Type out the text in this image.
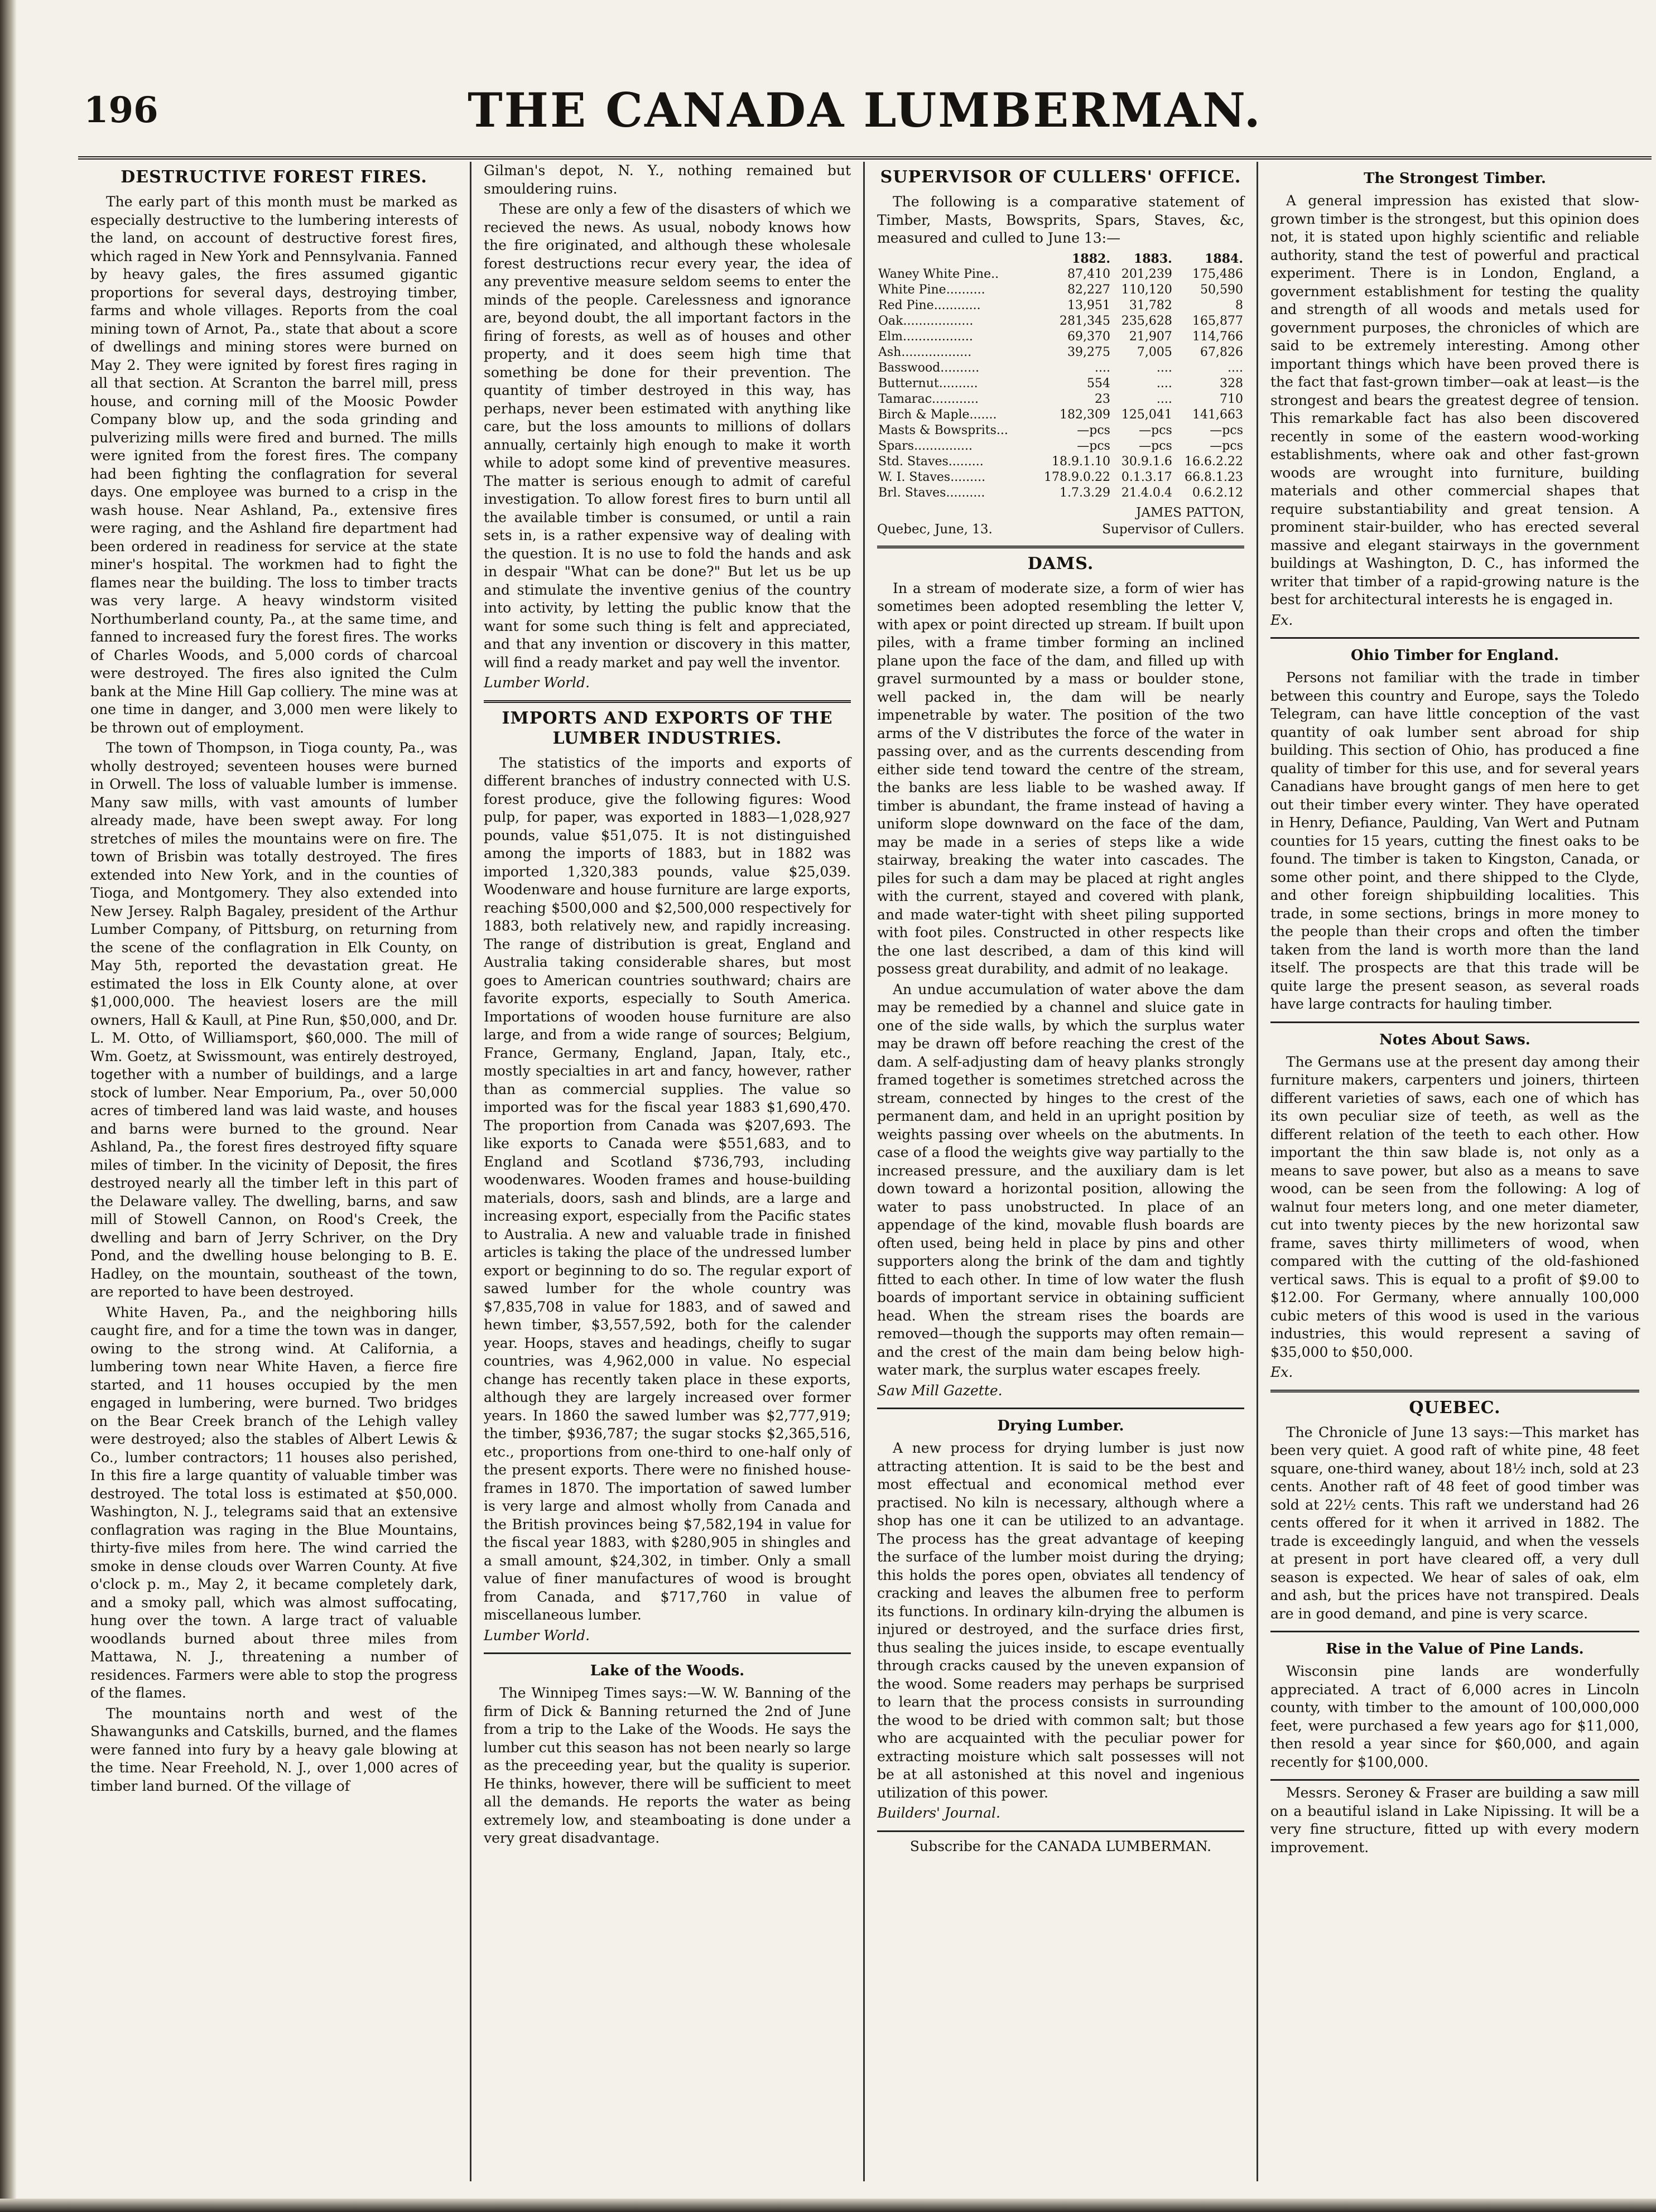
196	THE CANADA LUMBERMAN.
DESTRUCTIVE FOREST FIRES.

The early part of this month must be marked as especially destructive to the lumbering interests of the land, on account of destructive forest fires, which raged in New York and Pennsylvania. Fanned by heavy gales, the fires assumed gigantic proportions for several days, destroying timber, farms and whole villages. Reports from the coal mining town of Arnot, Pa., state that about a score of dwellings and mining stores were burned on May 2. They were ignited by forest fires raging in all that section. At Scranton the barrel mill, press house, and corning mill of the Moosic Powder Company blow up, and the soda grinding and pulverizing mills were fired and burned. The mills were ignited from the forest fires. The company had been fighting the conflagration for several days. One employee was burned to a crisp in the wash house. Near Ashland, Pa., extensive fires were raging, and the Ashland fire department had been ordered in readiness for service at the state miner's hospital. The workmen had to fight the flames near the building. The loss to timber tracts was very large. A heavy windstorm visited Northumberland county, Pa., at the same time, and fanned to increased fury the forest fires. The works of Charles Woods, and 5,000 cords of charcoal were destroyed. The fires also ignited the Culm bank at the Mine Hill Gap colliery. The mine was at one time in danger, and 3,000 men were likely to be thrown out of employment.

The town of Thompson, in Tioga county, Pa., was wholly destroyed; seventeen houses were burned in Orwell. The loss of valuable lumber is immense. Many saw mills, with vast amounts of lumber already made, have been swept away. For long stretches of miles the mountains were on fire. The town of Brisbin was totally destroyed. The fires extended into New York, and in the counties of Tioga, and Montgomery. They also extended into New Jersey. Ralph Bagaley, president of the Arthur Lumber Company, of Pittsburg, on returning from the scene of the conflagration in Elk County, on May 5th, reported the devastation great. He estimated the loss in Elk County alone, at over $1,000,000. The heaviest losers are the mill owners, Hall & Kaull, at Pine Run, $50,000, and Dr. L. M. Otto, of Williamsport, $60,000. The mill of Wm. Goetz, at Swissmount, was entirely destroyed, together with a number of buildings, and a large stock of lumber. Near Emporium, Pa., over 50,000 acres of timbered land was laid waste, and houses and barns were burned to the ground. Near Ashland, Pa., the forest fires destroyed fifty square miles of timber. In the vicinity of Deposit, the fires destroyed nearly all the timber left in this part of the Delaware valley. The dwelling, barns, and saw mill of Stowell Cannon, on Rood's Creek, the dwelling and barn of Jerry Schriver, on the Dry Pond, and the dwelling house belonging to B. E. Hadley, on the mountain, southeast of the town, are reported to have been destroyed.

White Haven, Pa., and the neighboring hills caught fire, and for a time the town was in danger, owing to the strong wind. At California, a lumbering town near White Haven, a fierce fire started, and 11 houses occupied by the men engaged in lumbering, were burned. Two bridges on the Bear Creek branch of the Lehigh valley were destroyed; also the stables of Albert Lewis & Co., lumber contractors; 11 houses also perished, In this fire a large quantity of valuable timber was destroyed. The total loss is estimated at $50,000. Washington, N. J., telegrams said that an extensive conflagration was raging in the Blue Mountains, thirty-five miles from here. The wind carried the smoke in dense clouds over Warren County. At five o'clock p. m., May 2, it became completely dark, and a smoky pall, which was almost suffocating, hung over the town. A large tract of valuable woodlands burned about three miles from Mattawa, N. J., threatening a number of residences. Farmers were able to stop the progress of the flames.

The mountains north and west of the Shawangunks and Catskills, burned, and the flames were fanned into fury by a heavy gale blowing at the time. Near Freehold, N. J., over 1,000 acres of timber land burned. Of the village of

Gilman's depot, N. Y., nothing remained but smouldering ruins.

These are only a few of the disasters of which we recieved the news. As usual, nobody knows how the fire originated, and although these wholesale forest destructions recur every year, the idea of any preventive measure seldom seems to enter the minds of the people. Carelessness and ignorance are, beyond doubt, the all important factors in the firing of forests, as well as of houses and other property, and it does seem high time that something be done for their prevention. The quantity of timber destroyed in this way, has perhaps, never been estimated with anything like care, but the loss amounts to millions of dollars annually, certainly high enough to make it worth while to adopt some kind of preventive measures. The matter is serious enough to admit of careful investigation. To allow forest fires to burn until all the available timber is consumed, or until a rain sets in, is a rather expensive way of dealing with the question. It is no use to fold the hands and ask in despair "What can be done?" But let us be up and stimulate the inventive genius of the country into activity, by letting the public know that the want for some such thing is felt and appreciated, and that any invention or discovery in this matter, will find a ready market and pay well the inventor.

Lumber World.

IMPORTS AND EXPORTS OF THE LUMBER INDUSTRIES.

The statistics of the imports and exports of different branches of industry connected with U.S. forest produce, give the following figures: Wood pulp, for paper, was exported in 1883—1,028,927 pounds, value $51,075. It is not distinguished among the imports of 1883, but in 1882 was imported 1,320,383 pounds, value $25,039. Woodenware and house furniture are large exports, reaching $500,000 and $2,500,000 respectively for 1883, both relatively new, and rapidly increasing. The range of distribution is great, England and Australia taking considerable shares, but most goes to American countries southward; chairs are favorite exports, especially to South America. Importations of wooden house furniture are also large, and from a wide range of sources; Belgium, France, Germany, England, Japan, Italy, etc., mostly specialties in art and fancy, however, rather than as commercial supplies. The value so imported was for the fiscal year 1883 $1,690,470. The proportion from Canada was $207,693. The like exports to Canada were $551,683, and to England and Scotland $736,793, including woodenwares. Wooden frames and house-building materials, doors, sash and blinds, are a large and increasing export, especially from the Pacific states to Australia. A new and valuable trade in finished articles is taking the place of the undressed lumber export or beginning to do so. The regular export of sawed lumber for the whole country was $7,835,708 in value for 1883, and of sawed and hewn timber, $3,557,592, both for the calender year. Hoops, staves and headings, cheifly to sugar countries, was 4,962,000 in value. No especial change has recently taken place in these exports, although they are largely increased over former years. In 1860 the sawed lumber was $2,777,919; the timber, $936,787; the sugar stocks $2,365,516, etc., proportions from one-third to one-half only of the present exports. There were no finished house-frames in 1870. The importation of sawed lumber is very large and almost wholly from Canada and the British provinces being $7,582,194 in value for the fiscal year 1883, with $280,905 in shingles and a small amount, $24,302, in timber. Only a small value of finer manufactures of wood is brought from Canada, and $717,760 in value of miscellaneous lumber.

Lumber World.

Lake of the Woods.

The Winnipeg Times says:—W. W. Banning of the firm of Dick & Banning returned the 2nd of June from a trip to the Lake of the Woods. He says the lumber cut this season has not been nearly so large as the preceeding year, but the quality is superior. He thinks, however, there will be sufficient to meet all the demands. He reports the water as being extremely low, and steamboating is done under a very great disadvantage.

SUPERVISOR OF CULLERS' OFFICE.

The following is a comparative statement of Timber, Masts, Bowsprits, Spars, Staves, &c, measured and culled to June 13:—

	1882.	1883.	1884.
Waney White Pine..	87,410	201,239	175,486
White Pine..........	82,227	110,120	50,590
Red Pine............	13,951	31,782	8
Oak..................	281,345	235,628	165,877
Elm..................	69,370	21,907	114,766
Ash..................	39,275	7,005	67,826
Basswood..........	....	....	....
Butternut..........	554	....	328
Tamarac............	23	....	710
Birch & Maple.......	182,309	125,041	141,663
Masts & Bowsprits...	—pcs	—pcs	—pcs
Spars...............	—pcs	—pcs	—pcs
Std. Staves.........	18.9.1.10	30.9.1.6	16.6.2.22
W. I. Staves.........	178.9.0.22	0.1.3.17	66.8.1.23
Brl. Staves..........	1.7.3.29	21.4.0.4	0.6.2.12
JAMES PATTON,
Quebec, June, 13.	Supervisor of Cullers.
DAMS.

In a stream of moderate size, a form of wier has sometimes been adopted resembling the letter V, with apex or point directed up stream. If built upon piles, with a frame timber forming an inclined plane upon the face of the dam, and filled up with gravel surmounted by a mass or boulder stone, well packed in, the dam will be nearly impenetrable by water. The position of the two arms of the V distributes the force of the water in passing over, and as the currents descending from either side tend toward the centre of the stream, the banks are less liable to be washed away. If timber is abundant, the frame instead of having a uniform slope downward on the face of the dam, may be made in a series of steps like a wide stairway, breaking the water into cascades. The piles for such a dam may be placed at right angles with the current, stayed and covered with plank, and made water-tight with sheet piling supported with foot piles. Constructed in other respects like the one last described, a dam of this kind will possess great durability, and admit of no leakage.

An undue accumulation of water above the dam may be remedied by a channel and sluice gate in one of the side walls, by which the surplus water may be drawn off before reaching the crest of the dam. A self-adjusting dam of heavy planks strongly framed together is sometimes stretched across the stream, connected by hinges to the crest of the permanent dam, and held in an upright position by weights passing over wheels on the abutments. In case of a flood the weights give way partially to the increased pressure, and the auxiliary dam is let down toward a horizontal position, allowing the water to pass unobstructed. In place of an appendage of the kind, movable flush boards are often used, being held in place by pins and other supporters along the brink of the dam and tightly fitted to each other. In time of low water the flush boards of important service in obtaining sufficient head. When the stream rises the boards are removed—though the supports may often remain—and the crest of the main dam being below high-water mark, the surplus water escapes freely.

Saw Mill Gazette.

Drying Lumber.

A new process for drying lumber is just now attracting attention. It is said to be the best and most effectual and economical method ever practised. No kiln is necessary, although where a shop has one it can be utilized to an advantage. The process has the great advantage of keeping the surface of the lumber moist during the drying; this holds the pores open, obviates all tendency of cracking and leaves the albumen free to perform its functions. In ordinary kiln-drying the albumen is injured or destroyed, and the surface dries first, thus sealing the juices inside, to escape eventually through cracks caused by the uneven expansion of the wood. Some readers may perhaps be surprised to learn that the process consists in surrounding the wood to be dried with common salt; but those who are acquainted with the peculiar power for extracting moisture which salt possesses will not be at all astonished at this novel and ingenious utilization of this power.

Builders' Journal.

Subscribe for the CANADA LUMBERMAN.
The Strongest Timber.

A general impression has existed that slow-grown timber is the strongest, but this opinion does not, it is stated upon highly scientific and reliable authority, stand the test of powerful and practical experiment. There is in London, England, a government establishment for testing the quality and strength of all woods and metals used for government purposes, the chronicles of which are said to be extremely interesting. Among other important things which have been proved there is the fact that fast-grown timber—oak at least—is the strongest and bears the greatest degree of tension. This remarkable fact has also been discovered recently in some of the eastern wood-working establishments, where oak and other fast-grown woods are wrought into furniture, building materials and other commercial shapes that require substantiability and great tension. A prominent stair-builder, who has erected several massive and elegant stairways in the government buildings at Washington, D. C., has informed the writer that timber of a rapid-growing nature is the best for architectural interests he is engaged in.

Ex.

Ohio Timber for England.

Persons not familiar with the trade in timber between this country and Europe, says the Toledo Telegram, can have little conception of the vast quantity of oak lumber sent abroad for ship building. This section of Ohio, has produced a fine quality of timber for this use, and for several years Canadians have brought gangs of men here to get out their timber every winter. They have operated in Henry, Defiance, Paulding, Van Wert and Putnam counties for 15 years, cutting the finest oaks to be found. The timber is taken to Kingston, Canada, or some other point, and there shipped to the Clyde, and other foreign shipbuilding localities. This trade, in some sections, brings in more money to the people than their crops and often the timber taken from the land is worth more than the land itself. The prospects are that this trade will be quite large the present season, as several roads have large contracts for hauling timber.

Notes About Saws.

The Germans use at the present day among their furniture makers, carpenters und joiners, thirteen different varieties of saws, each one of which has its own peculiar size of teeth, as well as the different relation of the teeth to each other. How important the thin saw blade is, not only as a means to save power, but also as a means to save wood, can be seen from the following: A log of walnut four meters long, and one meter diameter, cut into twenty pieces by the new horizontal saw frame, saves thirty millimeters of wood, when compared with the cutting of the old-fashioned vertical saws. This is equal to a profit of $9.00 to $12.00. For Germany, where annually 100,000 cubic meters of this wood is used in the various industries, this would represent a saving of $35,000 to $50,000.

Ex.

QUEBEC.

The Chronicle of June 13 says:—This market has been very quiet. A good raft of white pine, 48 feet square, one-third waney, about 18½ inch, sold at 23 cents. Another raft of 48 feet of good timber was sold at 22½ cents. This raft we understand had 26 cents offered for it when it arrived in 1882. The trade is exceedingly languid, and when the vessels at present in port have cleared off, a very dull season is expected. We hear of sales of oak, elm and ash, but the prices have not transpired. Deals are in good demand, and pine is very scarce.

Rise in the Value of Pine Lands.

Wisconsin pine lands are wonderfully appreciated. A tract of 6,000 acres in Lincoln county, with timber to the amount of 100,000,000 feet, were purchased a few years ago for $11,000, then resold a year since for $60,000, and again recently for $100,000.

Messrs. Seroney & Fraser are building a saw mill on a beautiful island in Lake Nipissing. It will be a very fine structure, fitted up with every modern improvement.
